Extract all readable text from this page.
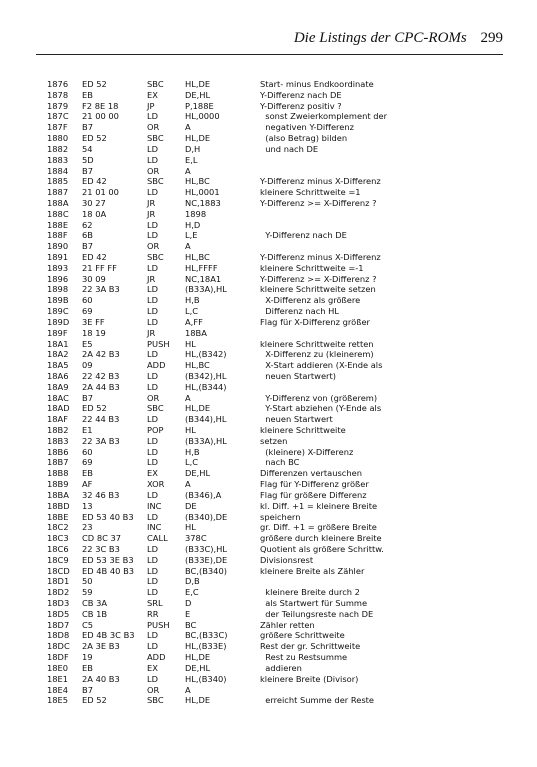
Die Listings der CPC-ROMs 299
1876 ED 52	SBC	HL,DE	Start- minus Endkoordinate
1878 EB	EX	DE,HL	Y-Differenz nach DE
1879 F2 8E 18	JP	P,188E	Y-Differenz positiv ?
187C 21 00 00	LD	HL,0000	sonst Zweierkomplement der
187F B7	OR	A	negativen Y-Differenz
1880 ED 52	SBC	HL,DE	(also Betrag) bilden
1882 54	LD	D,H	und nach DE
1883 5D	LD	E,L
1884 B7	OR	A
1885 ED 42	SBC	HL,BC	Y-Differenz minus X-Differenz
1887 21 01 00	LD	HL,0001	kleinere Schrittweite =1
188A 30 27	JR	NC,1883	Y-Differenz >= X-Differenz ?
188C 18 0A	JR	1898
188E 62	LD	H,D
188F 6B	LD	L,E	Y-Differenz nach DE
1890 B7	OR	A
1891 ED 42	SBC	HL,BC	Y-Differenz minus X-Differenz
1893 21 FF FF	LD	HL,FFFF	kleinere Schrittweite =-1
1896 30 09	JR	NC,18A1	Y-Differenz >= X-Differenz ?
1898 22 3A B3	LD	(B33A),HL	kleinere Schrittweite setzen
189B 60	LD	H,B	X-Differenz als größere
189C 69	LD	L,C	Differenz nach HL
189D 3E FF	LD	A,FF	Flag für X-Differenz größer
189F 18 19	JR	18BA
18A1 E5	PUSH HL	kleinere Schrittweite retten
18A2 2A 42 B3	LD	HL,(B342)	X-Differenz zu (kleinerem)
18A5 09	ADD HL,BC	X-Start addieren (X-Ende als
18A6 22 42 B3	LD	(B342),HL	neuen Startwert)
18A9 2A 44 B3	LD	HL,(B344)
18AC B7	OR	A	Y-Differenz von (größerem)
18AD ED 52	SBC	HL,DE	Y-Start abziehen (Y-Ende als
18AF 22 44 B3	LD	(B344),HL	neuen Startwert
18B2 E1	POP	HL	kleinere Schrittweite
18B3 22 3A B3	LD	(B33A),HL	setzen
18B6 60	LD	H,B	(kleinere) X-Differenz
18B7 69	LD	L,C	nach BC
18B8 EB	EX	DE,HL	Differenzen vertauschen
18B9 AF	XOR A	Flag für Y-Differenz größer
18BA 32 46 B3	LD	(B346),A	Flag für größere Differenz
18BD 13	INC	DE	kl. Diff. +1 = kleinere Breite
18BE ED 53 40 B3 LD	(B340),DE	speichern
18C2 23	INC	HL	gr. Diff. +1 = größere Breite
18C3 CD 8C 37	CALL 378C	größere durch kleinere Breite
18C6 22 3C B3	LD	(B33C),HL	Quotient als größere Schrittw.
18C9 ED 53 3E B3 LD	(B33E),DE	Divisionsrest
18CD ED 4B 40 B3 LD	BC,(B340)	kleinere Breite als Zähler
18D1 50	LD	D,B
18D2 59	LD	E,C	kleinere Breite durch 2
18D3 CB 3A	SRL	D	als Startwert für Summe
18D5 CB 1B	RR	E	der Teilungsreste nach DE
18D7 C5	PUSH BC	Zähler retten
18D8 ED 4B 3C B3 LD	BC,(B33C)	größere Schrittweite
18DC 2A 3E B3	LD	HL,(B33E)	Rest der gr. Schrittweite
18DF 19	ADD HL,DE	Rest zu Restsumme
18E0 EB	EX	DE,HL	addieren
18E1 2A 40 B3	LD	HL,(B340)	kleinere Breite (Divisor)
18E4 B7	OR	A
18E5 ED 52	SBC	HL,DE	erreicht Summe der Reste
